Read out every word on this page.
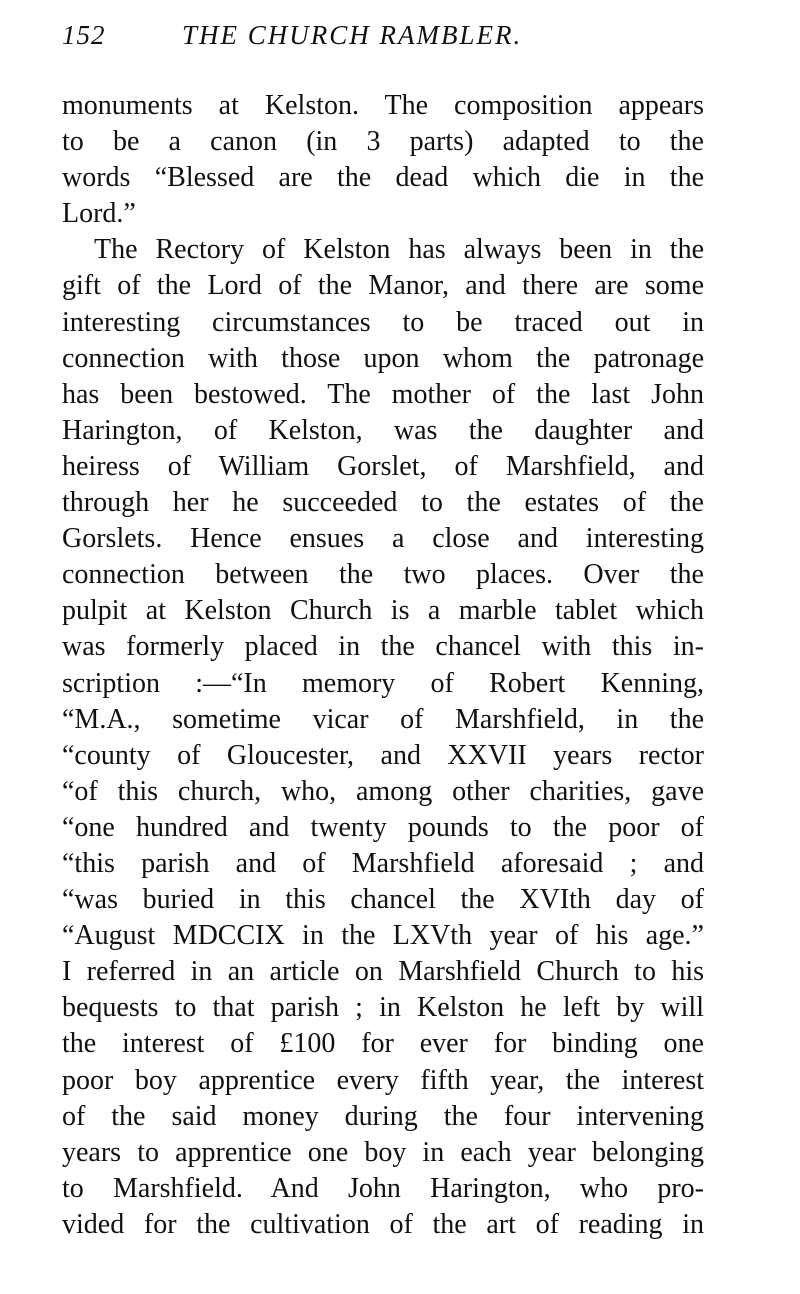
152	THE CHURCH RAMBLER.
monuments at Kelston. The composition appears
to be a canon (in 3 parts) adapted to the
words “Blessed are the dead which die in the
Lord.”
The Rectory of Kelston has always been in the
gift of the Lord of the Manor, and there are some
interesting circumstances to be traced out in
connection with those upon whom the patronage
has been bestowed. The mother of the last John
Harington, of Kelston, was the daughter and
heiress of William Gorslet, of Marshfield, and
through her he succeeded to the estates of the
Gorslets. Hence ensues a close and interesting
connection between the two places. Over the
pulpit at Kelston Church is a marble tablet which
was formerly placed in the chancel with this in-
scription :—“In memory of Robert Kenning,
“M.A., sometime vicar of Marshfield, in the
“county of Gloucester, and XXVII years rector
“of this church, who, among other charities, gave
“one hundred and twenty pounds to the poor of
“this parish and of Marshfield aforesaid ; and
“was buried in this chancel the XVIth day of
“August MDCCIX in the LXVth year of his age.”
I referred in an article on Marshfield Church to his
bequests to that parish ; in Kelston he left by will
the interest of £100 for ever for binding one
poor boy apprentice every fifth year, the interest
of the said money during the four intervening
years to apprentice one boy in each year belonging
to Marshfield. And John Harington, who pro-
vided for the cultivation of the art of reading in
